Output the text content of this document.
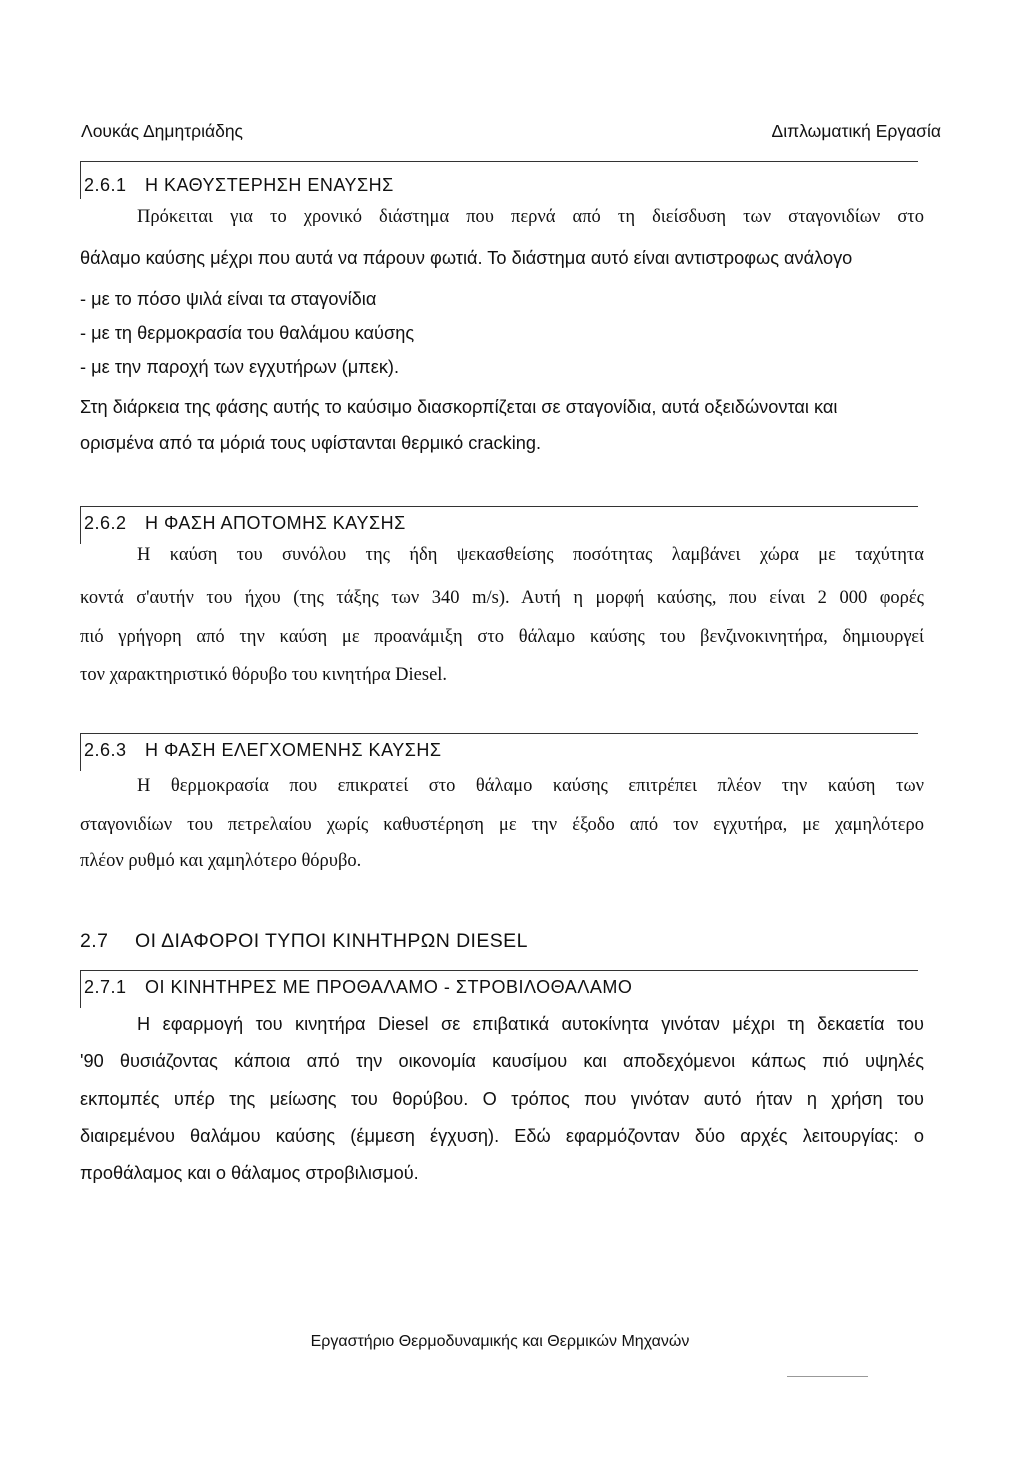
Λουκάς Δημητριάδης	Διπλωματική Εργασία
2.6.1 Η ΚΑΘΥΣΤΕΡΗΣΗ ΕΝΑΥΣΗΣ
Πρόκειται για το χρονικό διάστημα που περνά από τη διείσδυση των σταγονιδίων στο
θάλαμο καύσης μέχρι που αυτά να πάρουν φωτιά. Το διάστημα αυτό είναι αντιστροφως ανάλογο
- με το πόσο ψιλά είναι τα σταγονίδια
- με τη θερμοκρασία του θαλάμου καύσης
- με την παροχή των εγχυτήρων (μπεκ).
Στη διάρκεια της φάσης αυτής το καύσιμο διασκορπίζεται σε σταγονίδια, αυτά οξειδώνονται και
ορισμένα από τα μόριά τους υφίστανται θερμικό cracking.
2.6.2 Η ΦΑΣΗ ΑΠΟΤΟΜΗΣ ΚΑΥΣΗΣ
Η καύση του συνόλου της ήδη ψεκασθείσης ποσότητας λαμβάνει χώρα με ταχύτητα
κοντά σ'αυτήν του ήχου (της τάξης των 340 m/s). Αυτή η μορφή καύσης, που είναι 2 000 φορές
πιό γρήγορη από την καύση με προανάμιξη στο θάλαμο καύσης του βενζινοκινητήρα, δημιουργεί
τον χαρακτηριστικό θόρυβο του κινητήρα Diesel.
2.6.3 Η ΦΑΣΗ ΕΛΕΓΧΟΜΕΝΗΣ ΚΑΥΣΗΣ
Η θερμοκρασία που επικρατεί στο θάλαμο καύσης επιτρέπει πλέον την καύση των
σταγονιδίων του πετρελαίου χωρίς καθυστέρηση με την έξοδο από τον εγχυτήρα, με χαμηλότερο
πλέον ρυθμό και χαμηλότερο θόρυβο.
2.7 ΟΙ ΔΙΑΦΟΡΟΙ ΤΥΠΟΙ ΚΙΝΗΤΗΡΩΝ DIESEL
2.7.1 ΟΙ ΚΙΝΗΤΗΡΕΣ ΜΕ ΠΡΟΘΑΛΑΜΟ - ΣΤΡΟΒΙΛΟΘΑΛΑΜΟ
Η εφαρμογή του κινητήρα Diesel σε επιβατικά αυτοκίνητα γινόταν μέχρι τη δεκαετία του
'90 θυσιάζοντας κάποια από την οικονομία καυσίμου και αποδεχόμενοι κάπως πιό υψηλές
εκπομπές υπέρ της μείωσης του θορύβου. Ο τρόπος που γινόταν αυτό ήταν η χρήση του
διαιρεμένου θαλάμου καύσης (έμμεση έγχυση). Εδώ εφαρμόζονταν δύο αρχές λειτουργίας: ο
προθάλαμος και ο θάλαμος στροβιλισμού.
Εργαστήριο Θερμοδυναμικής και Θερμικών Μηχανών
